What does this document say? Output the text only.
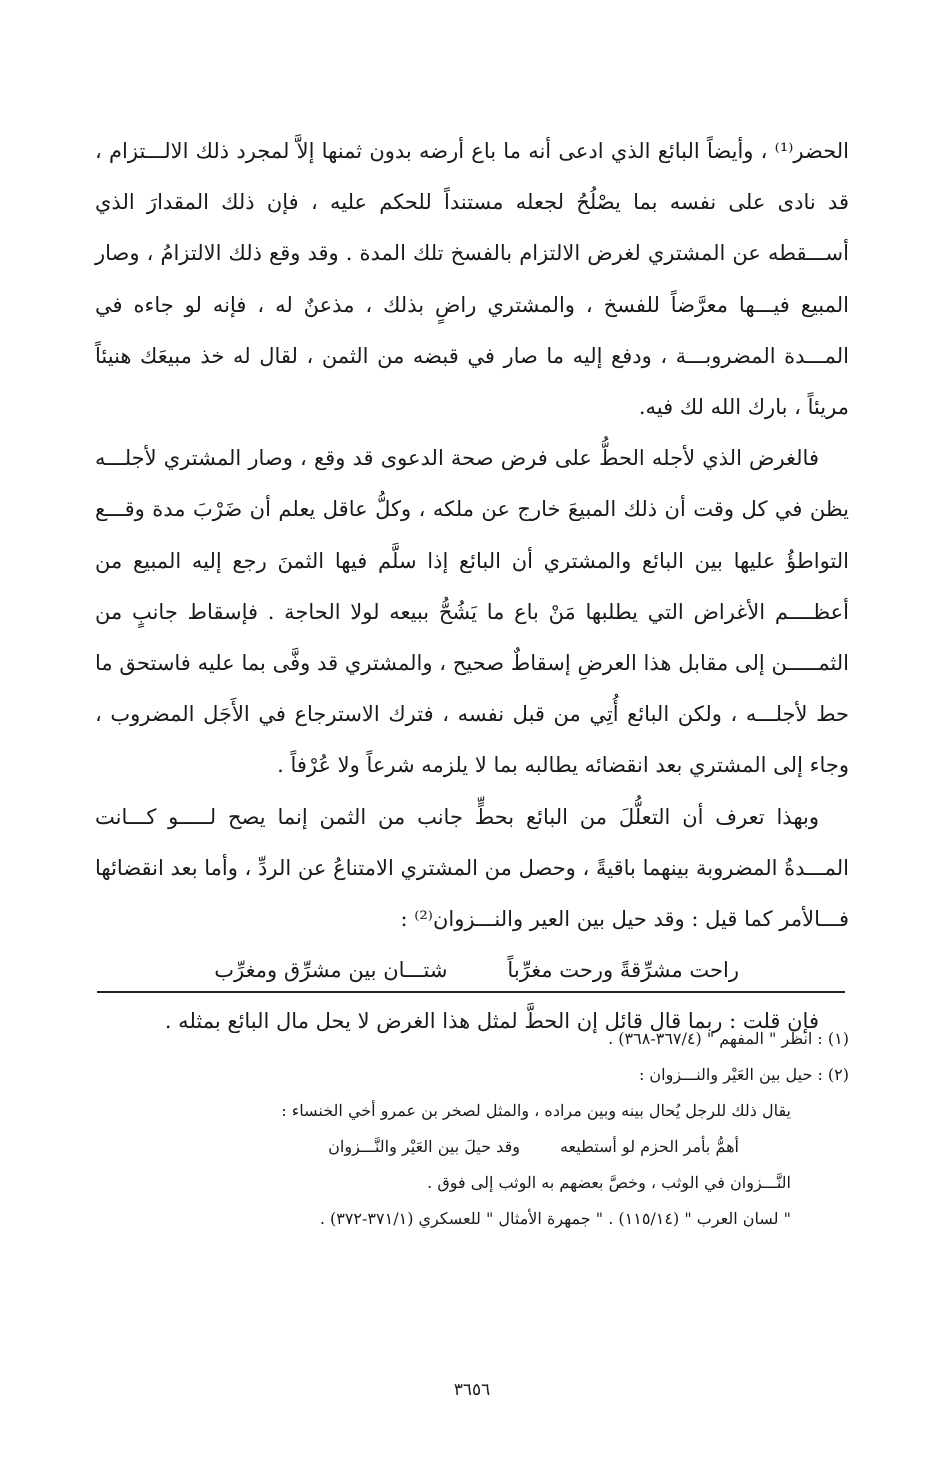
الحضر⁽¹⁾ ، وأيضاً البائع الذي ادعى أنه ما باع أرضه بدون ثمنها إلاَّ لمجرد ذلك الالـــتزام ، قد نادى على نفسه بما يصْلُحُ لجعله مستنداً للحكم عليه ، فإن ذلك المقدارَ الذي أســـقطه عن المشتري لغرض الالتزام بالفسخ تلك المدة . وقد وقع ذلك الالتزامُ ، وصار المبيع فيـــها معرَّضاً للفسخ ، والمشتري راضٍ بذلك ، مذعنٌ له ، فإنه لو جاءه في المـــدة المضروبـــة ، ودفع إليه ما صار في قبضه من الثمن ، لقال له خذ مبيعَك هنيئاً مريئاً ، بارك الله لك فيه.

فالغرض الذي لأجله الحطُّ على فرض صحة الدعوى قد وقع ، وصار المشتري لأجلـــه يظن في كل وقت أن ذلك المبيعَ خارج عن ملكه ، وكلُّ عاقل يعلم أن ضَرْبَ مدة وقـــع التواطؤُ عليها بين البائع والمشتري أن البائع إذا سلَّم فيها الثمنَ رجع إليه المبيع من أعظــــم الأغراض التي يطلبها مَنْ باع ما يَشُحُّ ببيعه لولا الحاجة . فإسقاط جانبٍ من الثمـــــن إلى مقابل هذا العرضِ إسقاطٌ صحيح ، والمشتري قد وفَّى بما عليه فاستحق ما حط لأجلـــه ، ولكن البائع أُتِي من قبل نفسه ، فترك الاسترجاع في الأَجَل المضروب ، وجاء إلى المشتري بعد انقضائه يطالبه بما لا يلزمه شرعاً ولا عُرْفاً .

وبهذا تعرف أن التعلُّلَ من البائع بحطٍّ جانب من الثمن إنما يصح لـــــو كـــانت المـــدةُ المضروبة بينهما باقيةً ، وحصل من المشتري الامتناعُ عن الردِّ ، وأما بعد انقضائها فـــالأمر كما قيل : وقد حيل بين العير والنـــزوان⁽²⁾ :

راحت مشرِّقةً ورحت مغرِّباً
شتـــان بين مشرِّق ومغرِّب

فإن قلت : ربما قال قائل إن الحطَّ لمثل هذا الغرض لا يحل مال البائع بمثله .

(١) : انظر " المفهم " (٣٦٧/٤-٣٦٨) .

(٢) : حيل بين العَيْر والنـــزوان :

يقال ذلك للرجل يُحال بينه وبين مراده ، والمثل لصخر بن عمرو أخي الخنساء :

أهمُّ بأمر الحزم لو أستطيعه
وقد حيلَ بين العَيْر والنَّـــزوان

النَّـــزوان في الوثب ، وخصَّ بعضهم به الوثب إلى فوق .

" لسان العرب " (١١٥/١٤) . " جمهرة الأمثال " للعسكري (٣٧١/١-٣٧٢) .

٣٦٥٦
